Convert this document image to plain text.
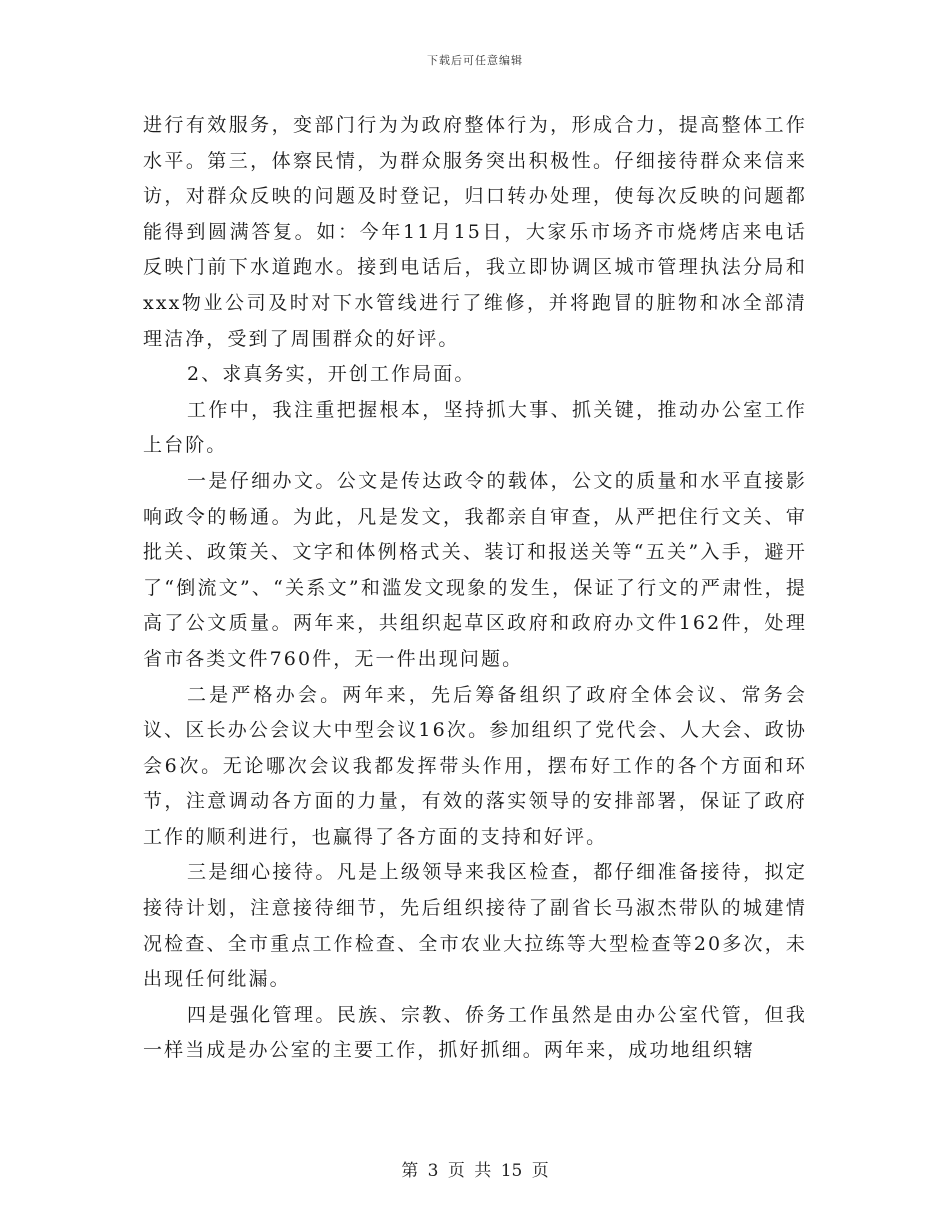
下载后可任意编辑

进行有效服务，变部门行为为政府整体行为，形成合力，提高整体工作水平。第三，体察民情，为群众服务突出积极性。仔细接待群众来信来访，对群众反映的问题及时登记，归口转办处理，使每次反映的问题都能得到圆满答复。如：今年11月15日，大家乐市场齐市烧烤店来电话反映门前下水道跑水。接到电话后，我立即协调区城市管理执法分局和xxx物业公司及时对下水管线进行了维修，并将跑冒的脏物和冰全部清理洁净，受到了周围群众的好评。

2、求真务实，开创工作局面。

工作中，我注重把握根本，坚持抓大事、抓关键，推动办公室工作上台阶。

一是仔细办文。公文是传达政令的载体，公文的质量和水平直接影响政令的畅通。为此，凡是发文，我都亲自审查，从严把住行文关、审批关、政策关、文字和体例格式关、装订和报送关等“五关”入手，避开了“倒流文”、“关系文”和滥发文现象的发生，保证了行文的严肃性，提高了公文质量。两年来，共组织起草区政府和政府办文件162件，处理省市各类文件760件，无一件出现问题。

二是严格办会。两年来，先后筹备组织了政府全体会议、常务会议、区长办公会议大中型会议16次。参加组织了党代会、人大会、政协会6次。无论哪次会议我都发挥带头作用，摆布好工作的各个方面和环节，注意调动各方面的力量，有效的落实领导的安排部署，保证了政府工作的顺利进行，也赢得了各方面的支持和好评。

三是细心接待。凡是上级领导来我区检查，都仔细准备接待，拟定接待计划，注意接待细节，先后组织接待了副省长马淑杰带队的城建情况检查、全市重点工作检查、全市农业大拉练等大型检查等20多次，未出现任何纰漏。

四是强化管理。民族、宗教、侨务工作虽然是由办公室代管，但我一样当成是办公室的主要工作，抓好抓细。两年来，成功地组织辖

第 3 页 共 15 页
